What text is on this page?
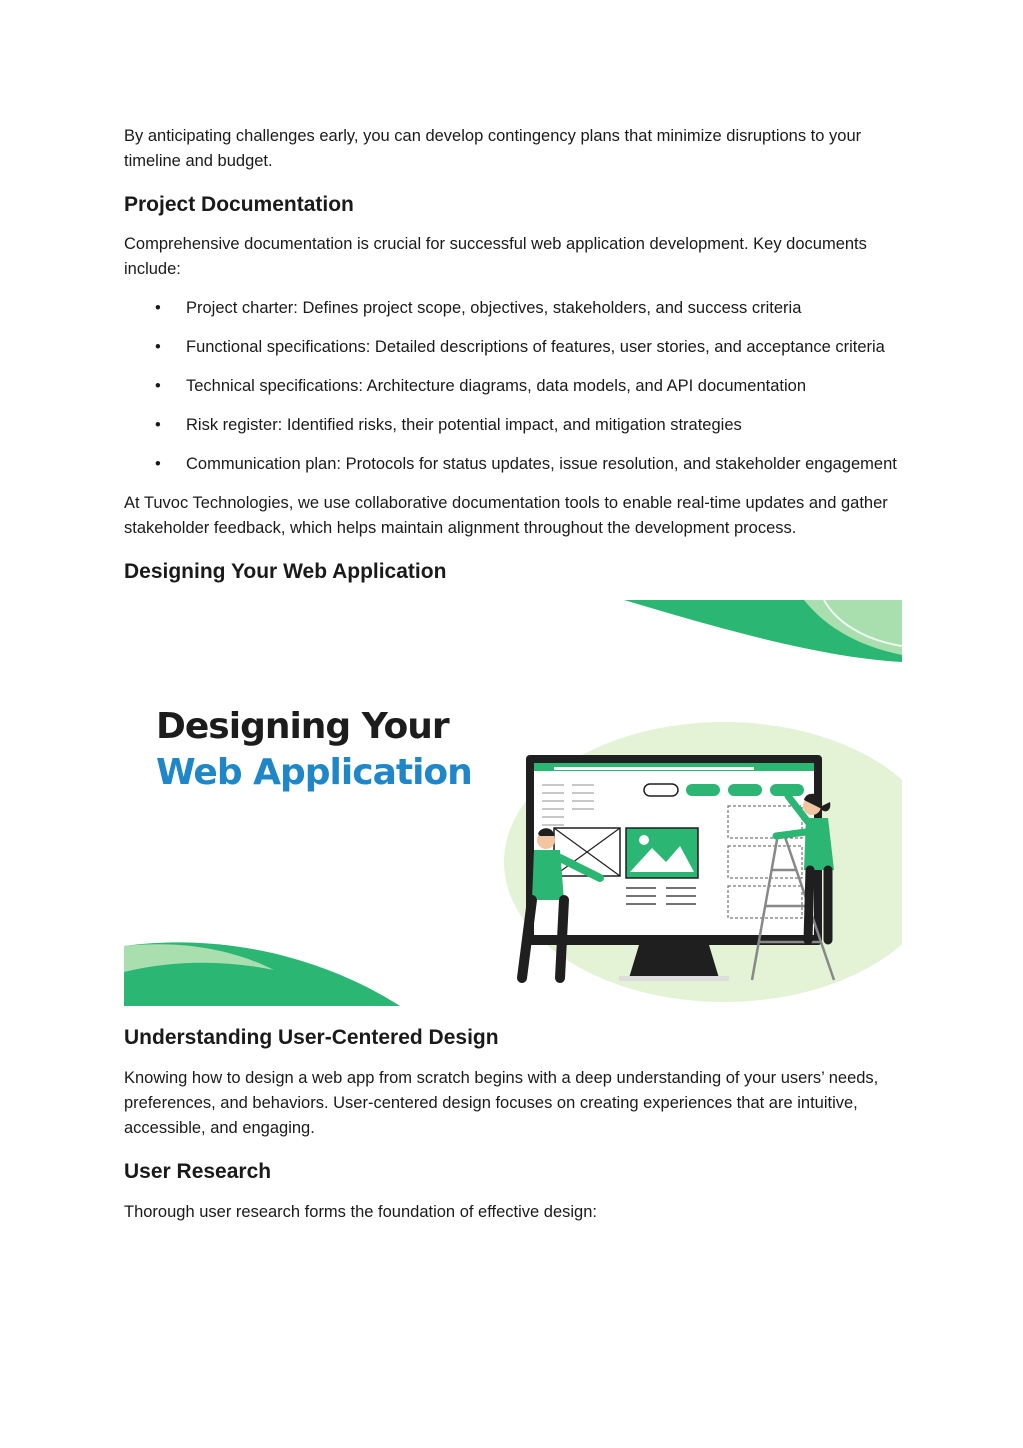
By anticipating challenges early, you can develop contingency plans that minimize disruptions to your timeline and budget.

Project Documentation

Comprehensive documentation is crucial for successful web application development. Key documents include:

• Project charter: Defines project scope, objectives, stakeholders, and success criteria
• Functional specifications: Detailed descriptions of features, user stories, and acceptance criteria
• Technical specifications: Architecture diagrams, data models, and API documentation
• Risk register: Identified risks, their potential impact, and mitigation strategies
• Communication plan: Protocols for status updates, issue resolution, and stakeholder engagement

At Tuvoc Technologies, we use collaborative documentation tools to enable real-time updates and gather stakeholder feedback, which helps maintain alignment throughout the development process.

Designing Your Web Application
Designing Your
Web Application
Understanding User-Centered Design

Knowing how to design a web app from scratch begins with a deep understanding of your users’ needs, preferences, and behaviors. User-centered design focuses on creating experiences that are intuitive, accessible, and engaging.

User Research

Thorough user research forms the foundation of effective design:
